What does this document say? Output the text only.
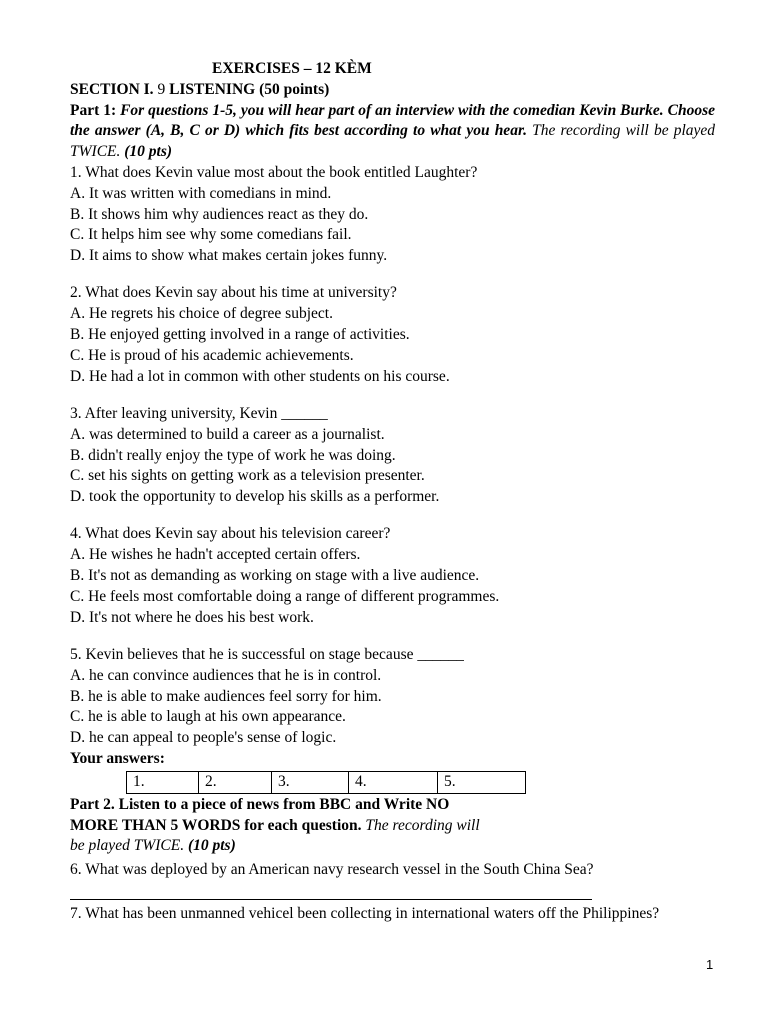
EXERCISES – 12 KÈM
SECTION I. 9 LISTENING (50 points)
Part 1: For questions 1-5, you will hear part of an interview with the comedian Kevin Burke. Choose the answer (A, B, C or D) which fits best according to what you hear. The recording will be played TWICE. (10 pts)
1. What does Kevin value most about the book entitled Laughter?
A. It was written with comedians in mind.
B. It shows him why audiences react as they do.
C. It helps him see why some comedians fail.
D. It aims to show what makes certain jokes funny.
2. What does Kevin say about his time at university?
A. He regrets his choice of degree subject.
B. He enjoyed getting involved in a range of activities.
C. He is proud of his academic achievements.
D. He had a lot in common with other students on his course.
3. After leaving university, Kevin ______
A. was determined to build a career as a journalist.
B. didn't really enjoy the type of work he was doing.
C. set his sights on getting work as a television presenter.
D. took the opportunity to develop his skills as a performer.
4. What does Kevin say about his television career?
A. He wishes he hadn't accepted certain offers.
B. It's not as demanding as working on stage with a live audience.
C. He feels most comfortable doing a range of different programmes.
D. It's not where he does his best work.
5. Kevin believes that he is successful on stage because ______
A. he can convince audiences that he is in control.
B. he is able to make audiences feel sorry for him.
C. he is able to laugh at his own appearance.
D. he can appeal to people's sense of logic.
Your answers:
1.	2.	3.	4.	5.
Part 2. Listen to a piece of news from BBC and Write NO
MORE THAN 5 WORDS for each question. The recording will
be played TWICE. (10 pts)
6. What was deployed by an American navy research vessel in the South China Sea?
7. What has been unmanned vehicel been collecting in international waters off the Philippines?
1
